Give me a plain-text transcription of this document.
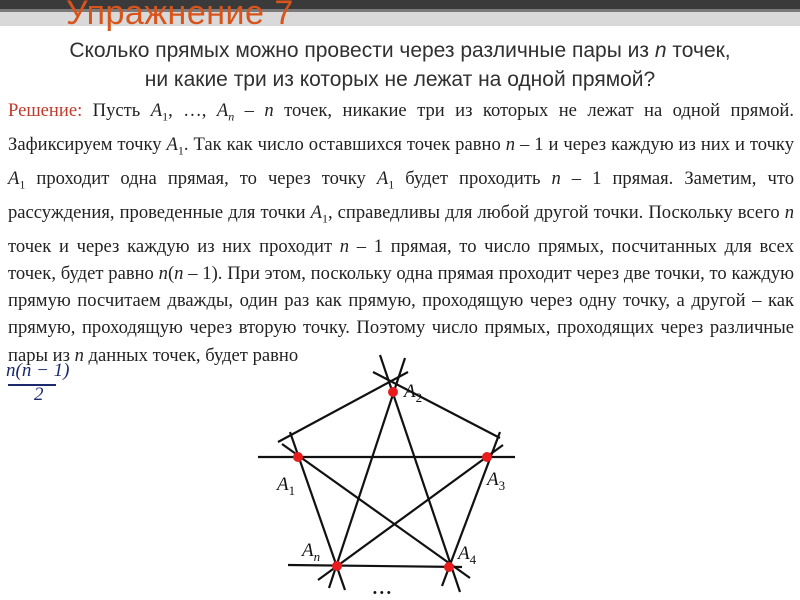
Упражнение 7
Сколько прямых можно провести через различные пары из n точек,
ни какие три из которых не лежат на одной прямой?
Решение: Пусть $A_1$, …, $A_n$ – n точек, никакие три из которых не лежат на одной прямой. Зафиксируем точку $A_1$. Так как число оставшихся точек равно n – 1 и через каждую из них и точку $A_1$ проходит одна прямая, то через точку $A_1$ будет проходить n – 1 прямая. Заметим, что рассуждения, проведенные для точки $A_1$, справедливы для любой другой точки. Поскольку всего n точек и через каждую из них проходит n – 1 прямая, то число прямых, посчитанных для всех точек, будет равно n(n – 1). При этом, поскольку одна прямая проходит через две точки, то каждую прямую посчитаем дважды, один раз как прямую, проходящую через одну точку, а другой – как прямую, проходящую через вторую точку. Поэтому число прямых, проходящих через различные пары из n данных точек, будет равно
n(n − 1)
2	$A_2$
$A_1$
$A_3$
$A_n$	$A_4$
• • •
